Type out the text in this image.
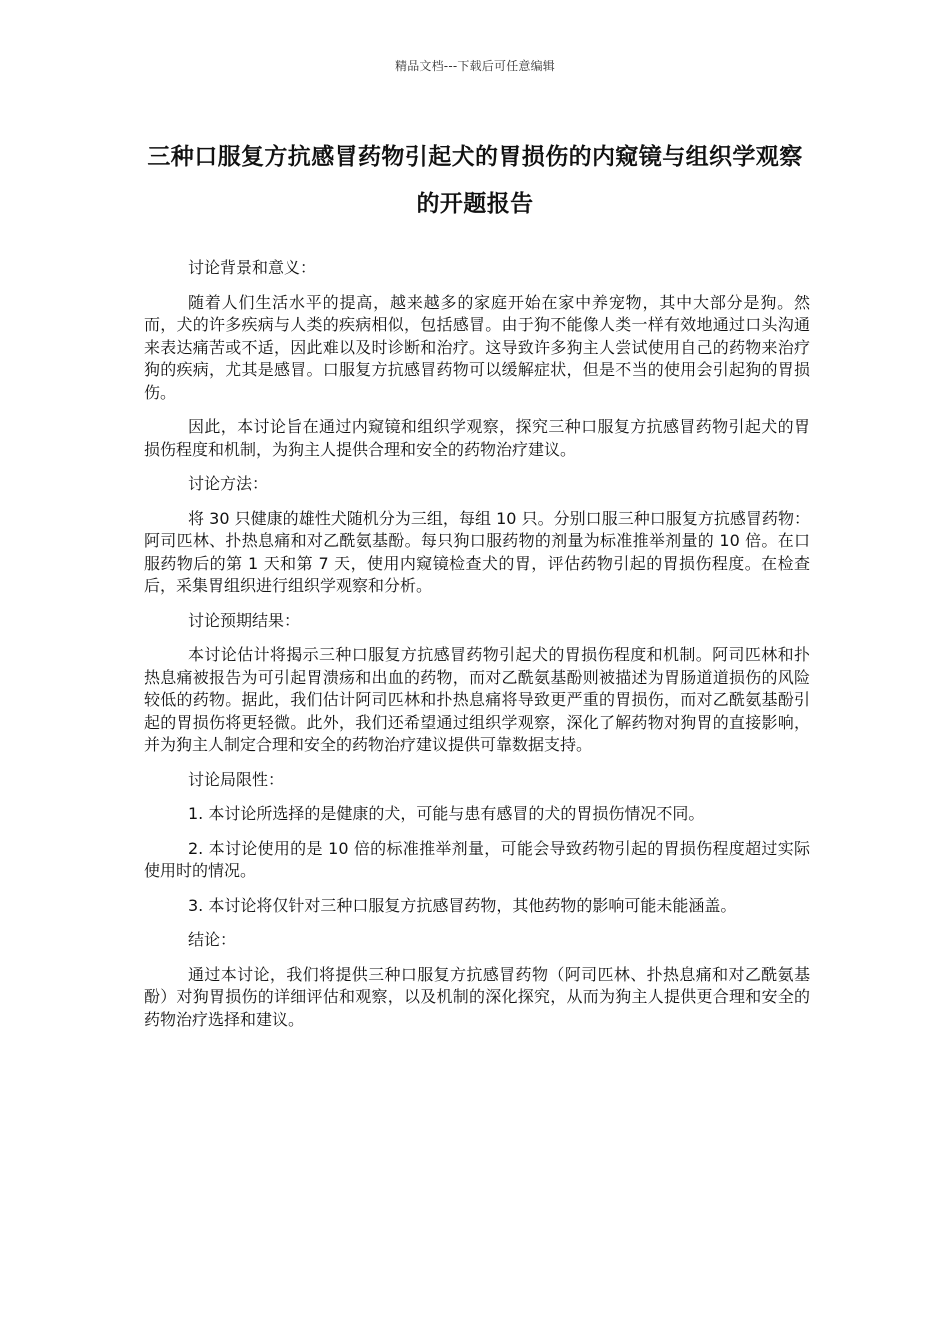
精品文档---下载后可任意编辑
三种口服复方抗感冒药物引起犬的胃损伤的内窥镜与组织学观察的开题报告

讨论背景和意义：

随着人们生活水平的提高，越来越多的家庭开始在家中养宠物，其中大部分是狗。然而，犬的许多疾病与人类的疾病相似，包括感冒。由于狗不能像人类一样有效地通过口头沟通来表达痛苦或不适，因此难以及时诊断和治疗。这导致许多狗主人尝试使用自己的药物来治疗狗的疾病，尤其是感冒。口服复方抗感冒药物可以缓解症状，但是不当的使用会引起狗的胃损伤。

因此，本讨论旨在通过内窥镜和组织学观察，探究三种口服复方抗感冒药物引起犬的胃损伤程度和机制，为狗主人提供合理和安全的药物治疗建议。

讨论方法：

将 30 只健康的雄性犬随机分为三组，每组 10 只。分别口服三种口服复方抗感冒药物：阿司匹林、扑热息痛和对乙酰氨基酚。每只狗口服药物的剂量为标准推举剂量的 10 倍。在口服药物后的第 1 天和第 7 天，使用内窥镜检查犬的胃，评估药物引起的胃损伤程度。在检查后，采集胃组织进行组织学观察和分析。

讨论预期结果：

本讨论估计将揭示三种口服复方抗感冒药物引起犬的胃损伤程度和机制。阿司匹林和扑热息痛被报告为可引起胃溃疡和出血的药物，而对乙酰氨基酚则被描述为胃肠道道损伤的风险较低的药物。据此，我们估计阿司匹林和扑热息痛将导致更严重的胃损伤，而对乙酰氨基酚引起的胃损伤将更轻微。此外，我们还希望通过组织学观察，深化了解药物对狗胃的直接影响，并为狗主人制定合理和安全的药物治疗建议提供可靠数据支持。

讨论局限性：

1. 本讨论所选择的是健康的犬，可能与患有感冒的犬的胃损伤情况不同。

2. 本讨论使用的是 10 倍的标准推举剂量，可能会导致药物引起的胃损伤程度超过实际使用时的情况。

3. 本讨论将仅针对三种口服复方抗感冒药物，其他药物的影响可能未能涵盖。

结论：

通过本讨论，我们将提供三种口服复方抗感冒药物（阿司匹林、扑热息痛和对乙酰氨基酚）对狗胃损伤的详细评估和观察，以及机制的深化探究，从而为狗主人提供更合理和安全的药物治疗选择和建议。
